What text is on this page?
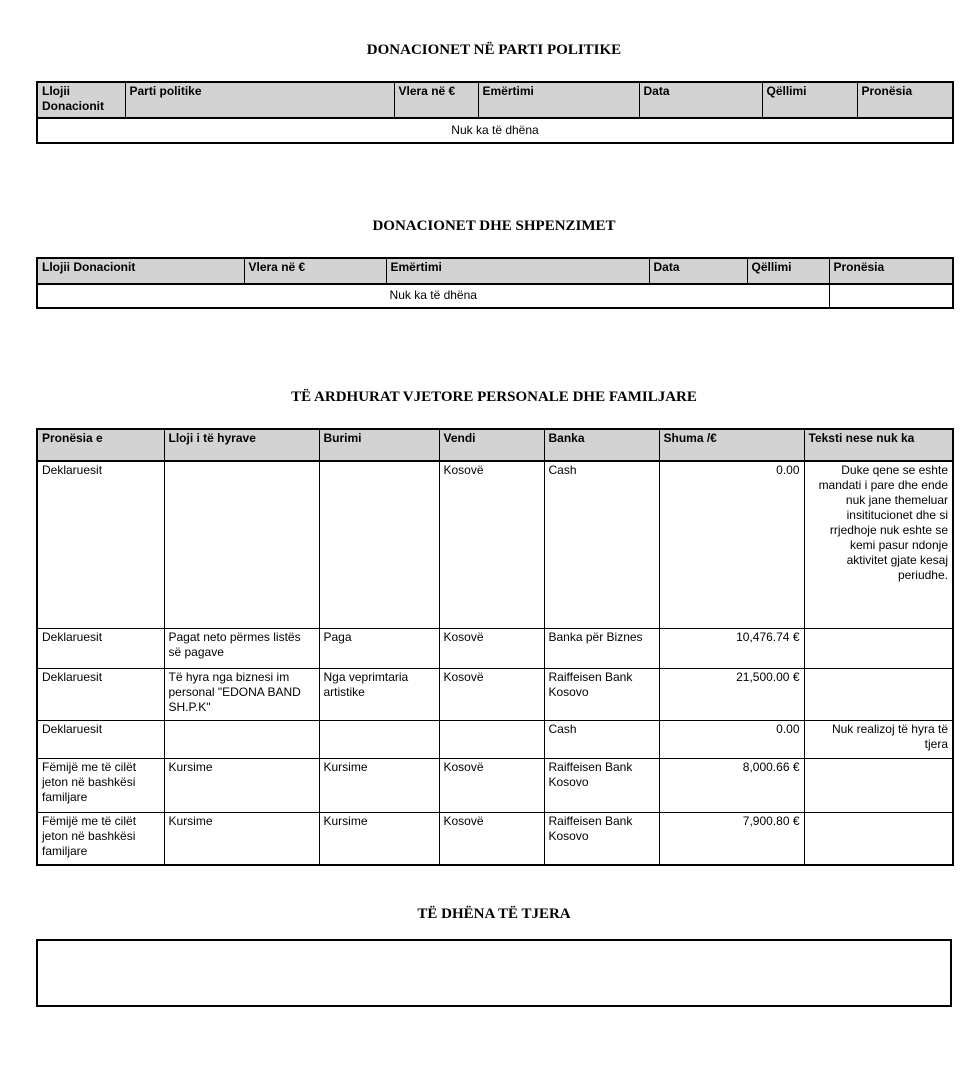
DONACIONET NË PARTI POLITIKE
Llojii Donacionit	Parti politike	Vlera në €	Emërtimi	Data	Qëllimi	Pronësia
Nuk ka të dhëna
DONACIONET DHE SHPENZIMET
Llojii Donacionit	Vlera në €	Emërtimi	Data	Qëllimi	Pronësia
Nuk ka të dhëna					
TË ARDHURAT VJETORE PERSONALE DHE FAMILJARE
Pronësia e	Lloji i të hyrave	Burimi	Vendi	Banka	Shuma /€	Teksti nese nuk ka
Deklaruesit			Kosovë	Cash	0.00	Duke qene se eshte mandati i pare dhe ende nuk jane themeluar insititucionet dhe si rrjedhoje nuk eshte se kemi pasur ndonje aktivitet gjate kesaj periudhe.
Deklaruesit	Pagat neto përmes listës së pagave	Paga	Kosovë	Banka për Biznes	10,476.74 €	
Deklaruesit	Të hyra nga biznesi im personal "EDONA BAND SH.P.K"	Nga veprimtaria artistike	Kosovë	Raiffeisen Bank Kosovo	21,500.00 €	
Deklaruesit				Cash	0.00	Nuk realizoj të hyra të tjera
Fëmijë me të cilët jeton në bashkësi familjare	Kursime	Kursime	Kosovë	Raiffeisen Bank Kosovo	8,000.66 €	
Fëmijë me të cilët jeton në bashkësi familjare	Kursime	Kursime	Kosovë	Raiffeisen Bank Kosovo	7,900.80 €	
TË DHËNA TË TJERA
